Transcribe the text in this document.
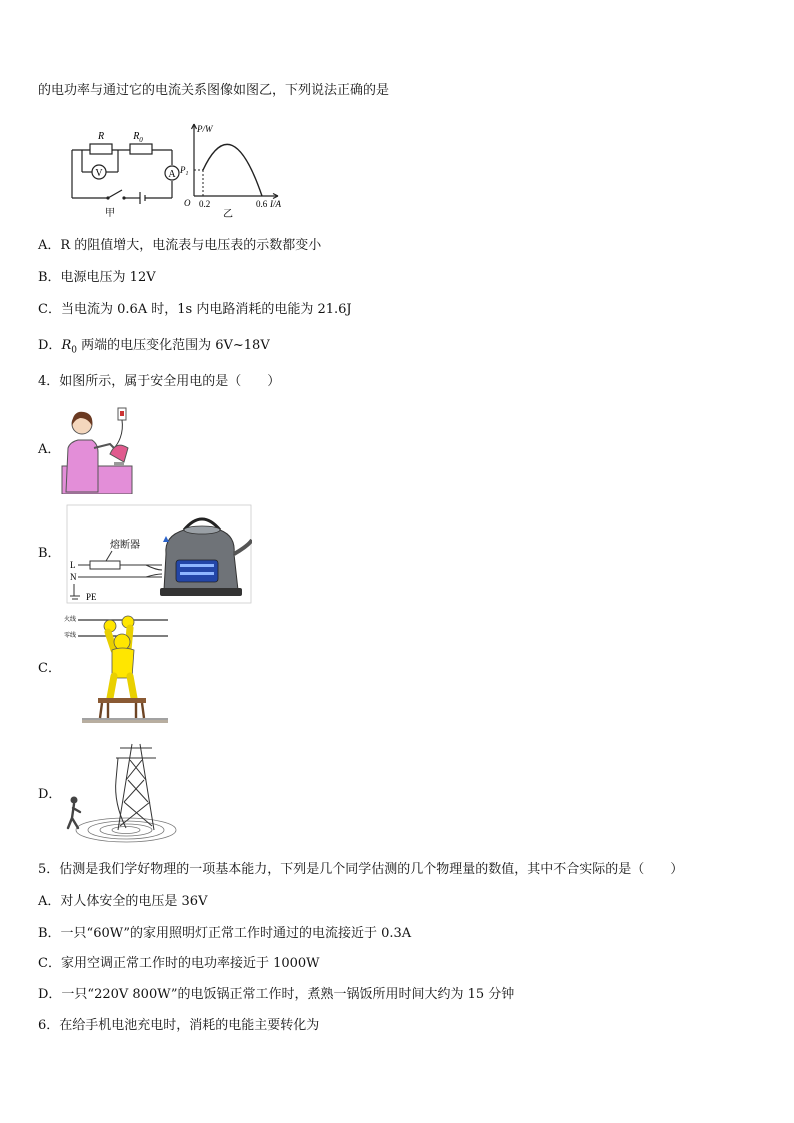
的电功率与通过它的电流关系图像如图乙，下列说法正确的是
V	A
R	$R_0$
甲
P/W
$P_1$
O 0.2	0.6 I/A
乙
A．R 的阻值增大，电流表与电压表的示数都变小
B．电源电压为 12V
C．当电流为 0.6A 时，1s 内电路消耗的电能为 21.6J
D．$R_0$ 两端的电压变化范围为 6V~18V
4．如图所示，属于安全用电的是（　　）
A．
B．
熔断器
L
N
PE
C．
火线
零线
D．
5．估测是我们学好物理的一项基本能力，下列是几个同学估测的几个物理量的数值，其中不合实际的是（　　）
A．对人体安全的电压是 36V
B．一只“60W”的家用照明灯正常工作时通过的电流接近于 0.3A
C．家用空调正常工作时的电功率接近于 1000W
D．一只“220V 800W”的电饭锅正常工作时，煮熟一锅饭所用时间大约为 15 分钟
6．在给手机电池充电时，消耗的电能主要转化为
